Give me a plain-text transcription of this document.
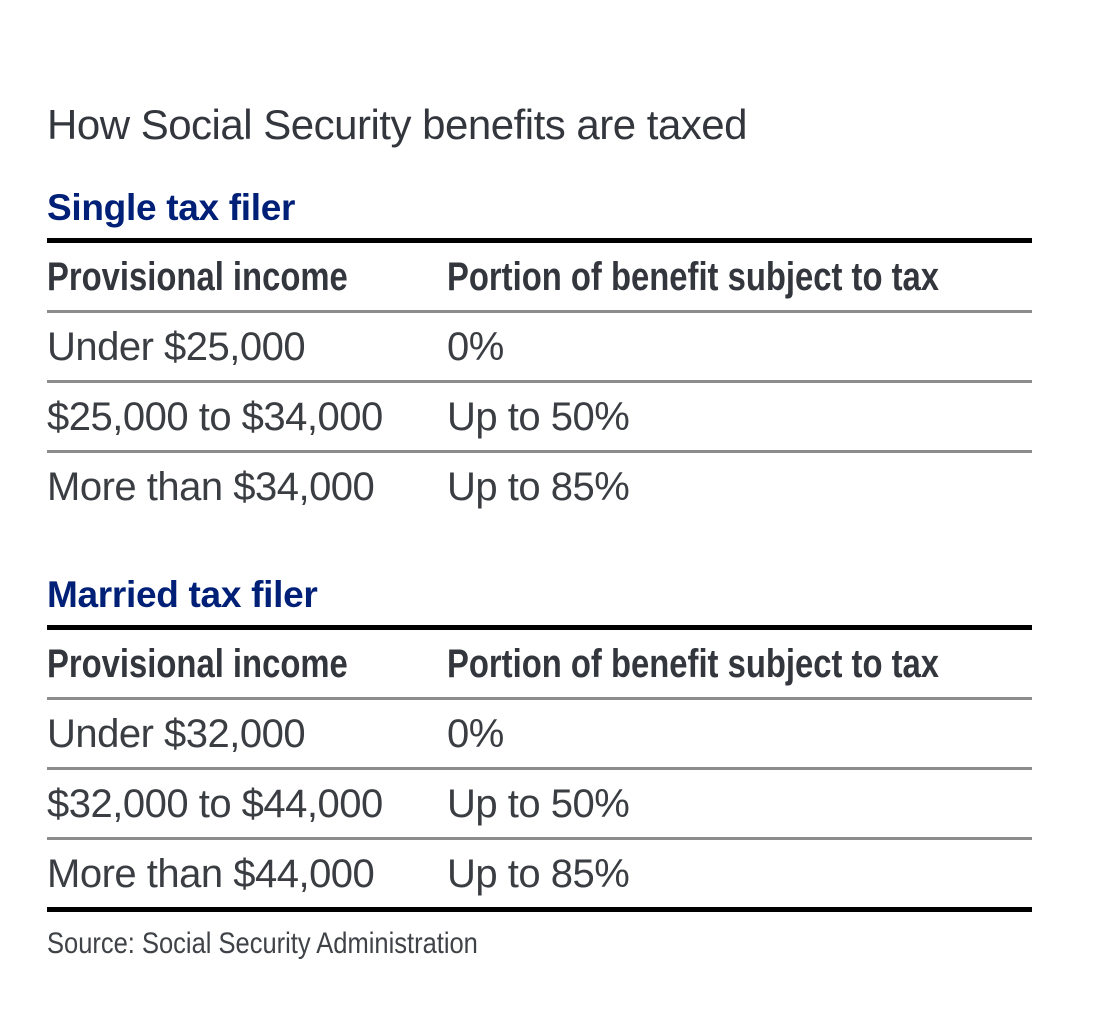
How Social Security benefits are taxed
Single tax filer
Provisional income	Portion of benefit subject to tax
Under $25,000	0%
$25,000 to $34,000	Up to 50%
More than $34,000	Up to 85%
Married tax filer
Provisional income	Portion of benefit subject to tax
Under $32,000	0%
$32,000 to $44,000	Up to 50%
More than $44,000	Up to 85%

Source: Social Security Administration
